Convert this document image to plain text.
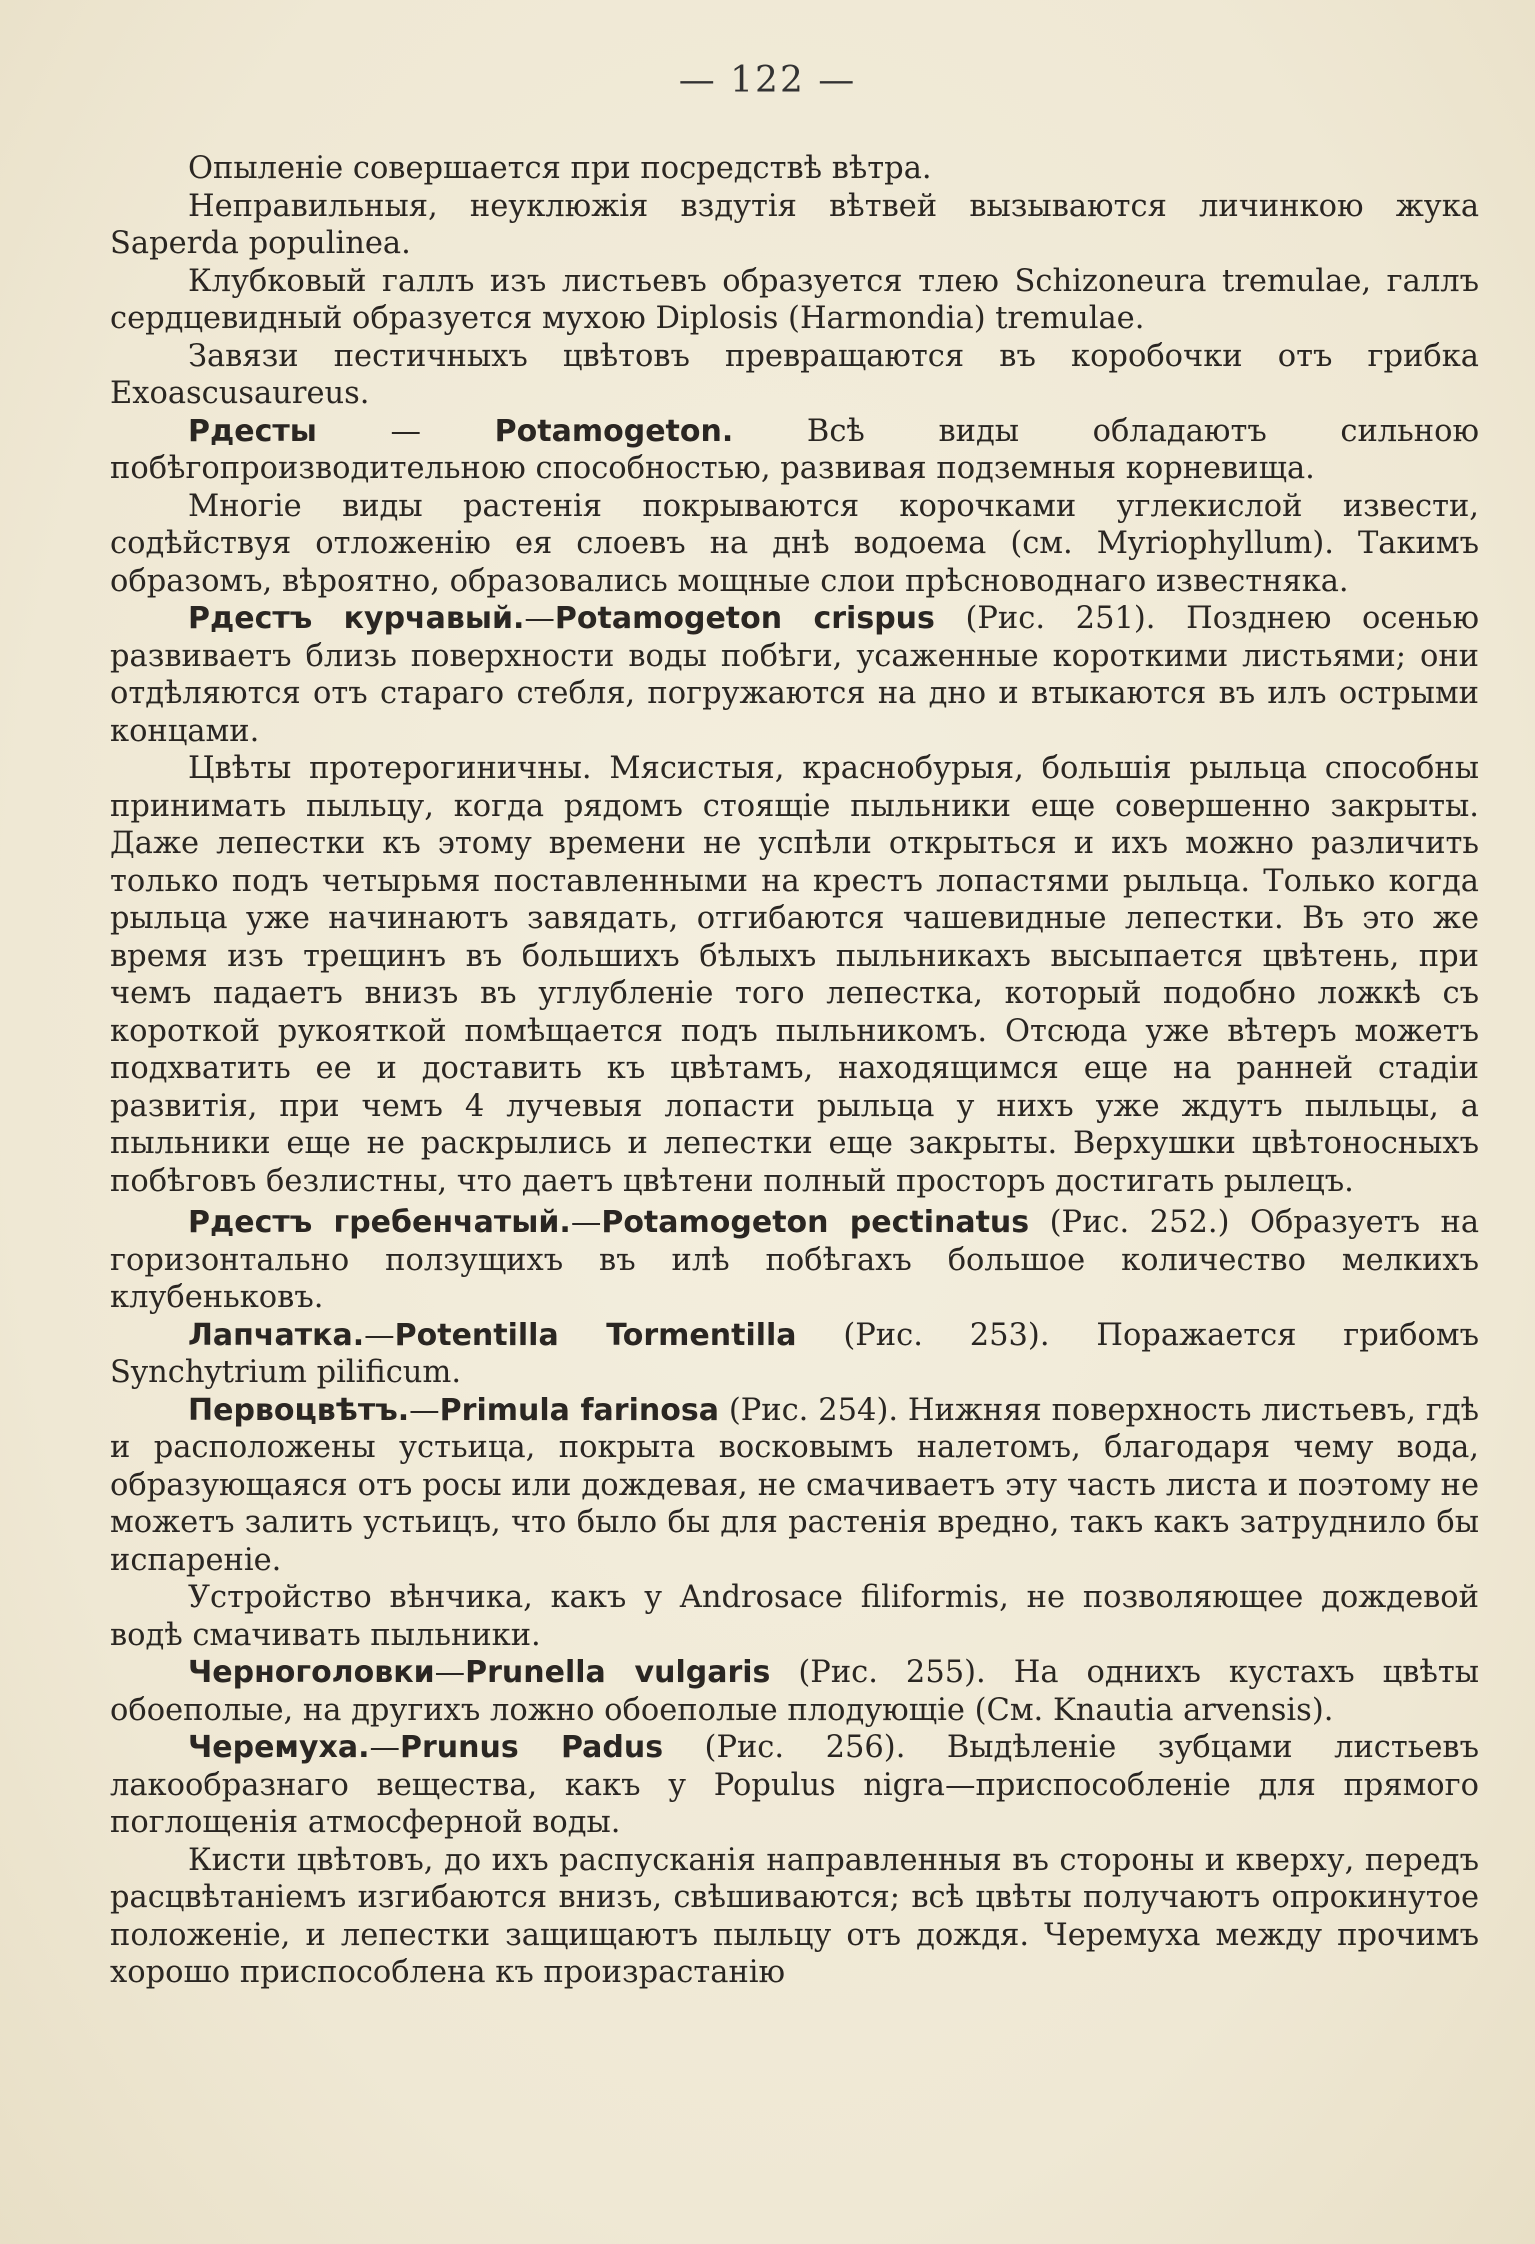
— 122 —

Опыленіе совершается при посредствѣ вѣтра.

Неправильныя, неуклюжія вздутія вѣтвей вызываются личинкою жука Saperda populinea.

Клубковый галлъ изъ листьевъ образуется тлею Schizoneura tremulae, галлъ сердцевидный образуется мухою Diplosis (Harmondia) tremulae.

Завязи пестичныхъ цвѣтовъ превращаются въ коробочки отъ грибка Exoascusaureus.

Рдесты — Potamogeton. Всѣ виды обладаютъ сильною побѣгопроизводительною способностью, развивая подземныя корневища.

Многіе виды растенія покрываются корочками углекислой извести, содѣйствуя отложенію ея слоевъ на днѣ водоема (см. Myriophyllum). Такимъ образомъ, вѣроятно, образовались мощные слои прѣсноводнаго известняка.

Рдестъ курчавый.—Potamogeton crispus (Рис. 251). Позднею осенью развиваетъ близь поверхности воды побѣги, усаженные короткими листьями; они отдѣляются отъ стараго стебля, погружаются на дно и втыкаются въ илъ острыми концами.

Цвѣты протерогиничны. Мясистыя, краснобурыя, большія рыльца способны принимать пыльцу, когда рядомъ стоящіе пыльники еще совершенно закрыты. Даже лепестки къ этому времени не успѣли открыться и ихъ можно различить только подъ четырьмя поставленными на крестъ лопастями рыльца. Только когда рыльца уже начинаютъ завядать, отгибаются чашевидные лепестки. Въ это же время изъ трещинъ въ большихъ бѣлыхъ пыльникахъ высыпается цвѣтень, при чемъ падаетъ внизъ въ углубленіе того лепестка, который подобно ложкѣ съ короткой рукояткой помѣщается подъ пыльникомъ. Отсюда уже вѣтеръ можетъ подхватить ее и доставить къ цвѣтамъ, находящимся еще на ранней стадіи развитія, при чемъ 4 лучевыя лопасти рыльца у нихъ уже ждутъ пыльцы, а пыльники еще не раскрылись и лепестки еще закрыты. Верхушки цвѣтоносныхъ побѣговъ безлистны, что даетъ цвѣтени полный просторъ достигать рылецъ.

Рдестъ гребенчатый.—Potamogeton pectinatus (Рис. 252.) Образуетъ на горизонтально ползущихъ въ илѣ побѣгахъ большое количество мелкихъ клубеньковъ.

Лапчатка.—Potentilla Tormentilla (Рис. 253). Поражается грибомъ Synchytrium pilificum.

Первоцвѣтъ.—Primula farinosa (Рис. 254). Нижняя поверхность листьевъ, гдѣ и расположены устьица, покрыта восковымъ налетомъ, благодаря чему вода, образующаяся отъ росы или дождевая, не смачиваетъ эту часть листа и поэтому не можетъ залить устьицъ, что было бы для растенія вредно, такъ какъ затруднило бы испареніе.

Устройство вѣнчика, какъ у Androsace filiformis, не позволяющее дождевой водѣ смачивать пыльники.

Черноголовки—Prunella vulgaris (Рис. 255). На однихъ кустахъ цвѣты обоеполые, на другихъ ложно обоеполые плодующіе (См. Knautia arvensis).

Черемуха.—Prunus Padus (Рис. 256). Выдѣленіе зубцами листьевъ лакообразнаго вещества, какъ у Populus nigra—приспособленіе для прямого поглощенія атмосферной воды.

Кисти цвѣтовъ, до ихъ распусканія направленныя въ стороны и кверху, передъ расцвѣтаніемъ изгибаются внизъ, свѣшиваются; всѣ цвѣты получаютъ опрокинутое положеніе, и лепестки защищаютъ пыльцу отъ дождя. Черемуха между прочимъ хорошо приспособлена къ произрастанію
